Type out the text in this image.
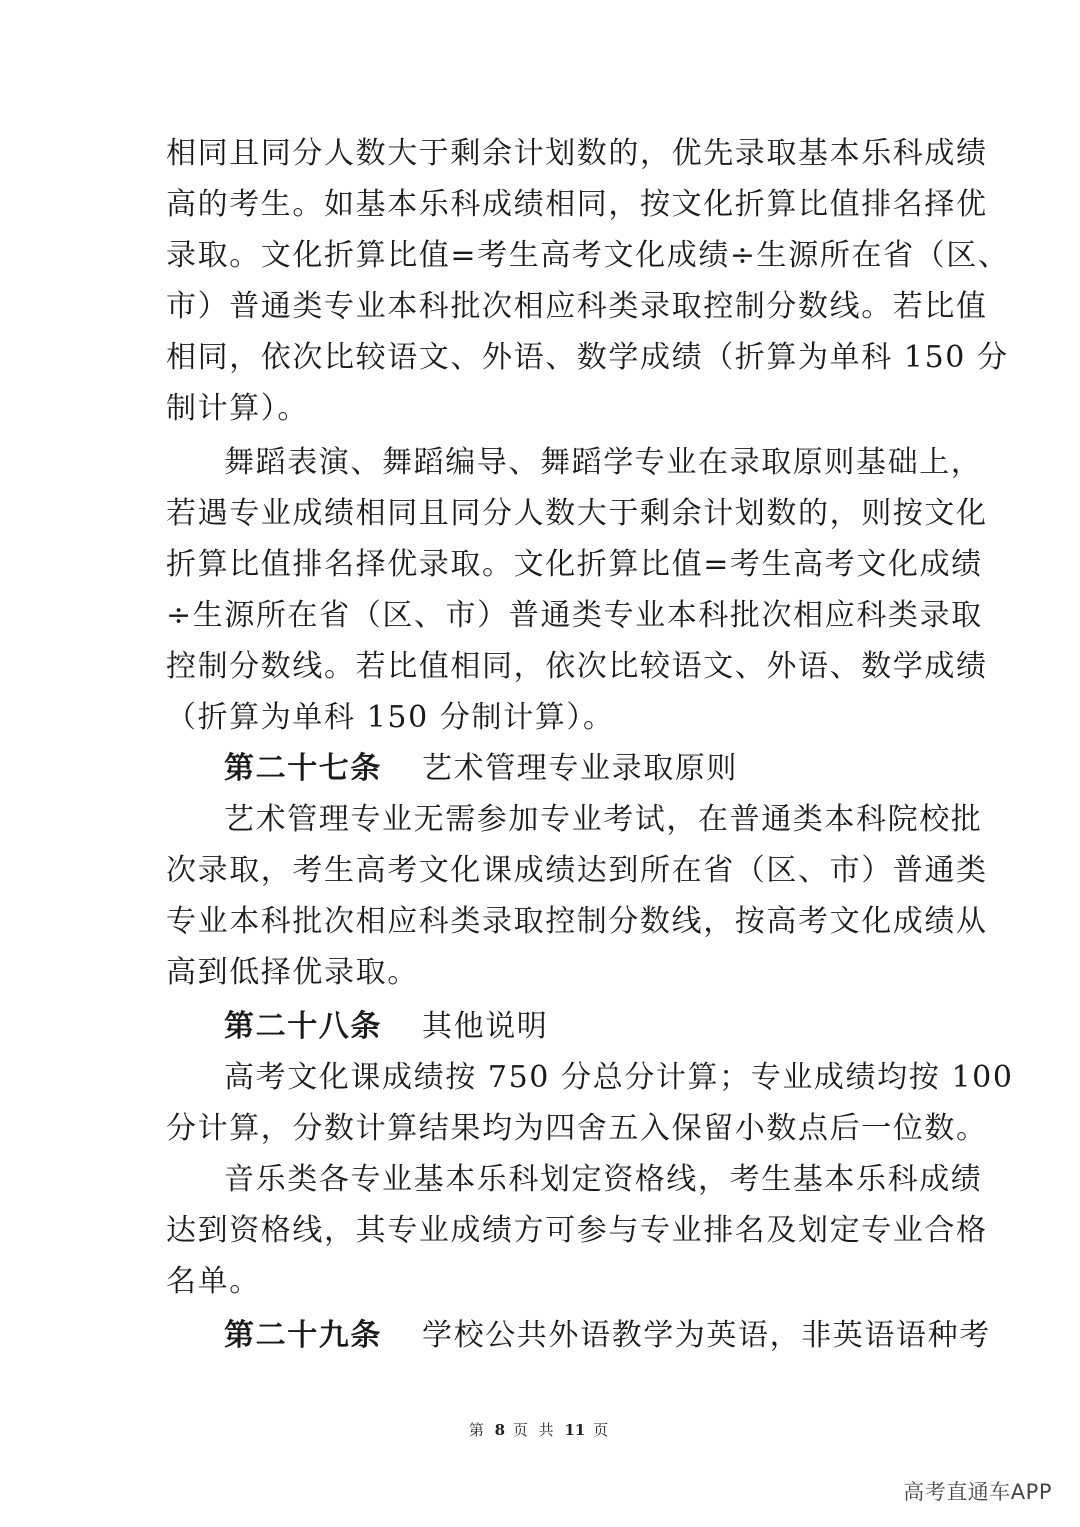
相同且同分人数大于剩余计划数的，优先录取基本乐科成绩
高的考生。如基本乐科成绩相同，按文化折算比值排名择优
录取。文化折算比值=考生高考文化成绩÷生源所在省（区、
市）普通类专业本科批次相应科类录取控制分数线。若比值
相同，依次比较语文、外语、数学成绩（折算为单科 150 分
制计算）。
舞蹈表演、舞蹈编导、舞蹈学专业在录取原则基础上，
若遇专业成绩相同且同分人数大于剩余计划数的，则按文化
折算比值排名择优录取。文化折算比值=考生高考文化成绩
÷生源所在省（区、市）普通类专业本科批次相应科类录取
控制分数线。若比值相同，依次比较语文、外语、数学成绩
（折算为单科 150 分制计算）。
第二十七条 艺术管理专业录取原则
艺术管理专业无需参加专业考试，在普通类本科院校批
次录取，考生高考文化课成绩达到所在省（区、市）普通类
专业本科批次相应科类录取控制分数线，按高考文化成绩从
高到低择优录取。
第二十八条 其他说明
高考文化课成绩按 750 分总分计算；专业成绩均按 100
分计算，分数计算结果均为四舍五入保留小数点后一位数。
音乐类各专业基本乐科划定资格线，考生基本乐科成绩
达到资格线，其专业成绩方可参与专业排名及划定专业合格
名单。
第二十九条 学校公共外语教学为英语，非英语语种考
第 8 页 共 11 页
高考直通车APP
